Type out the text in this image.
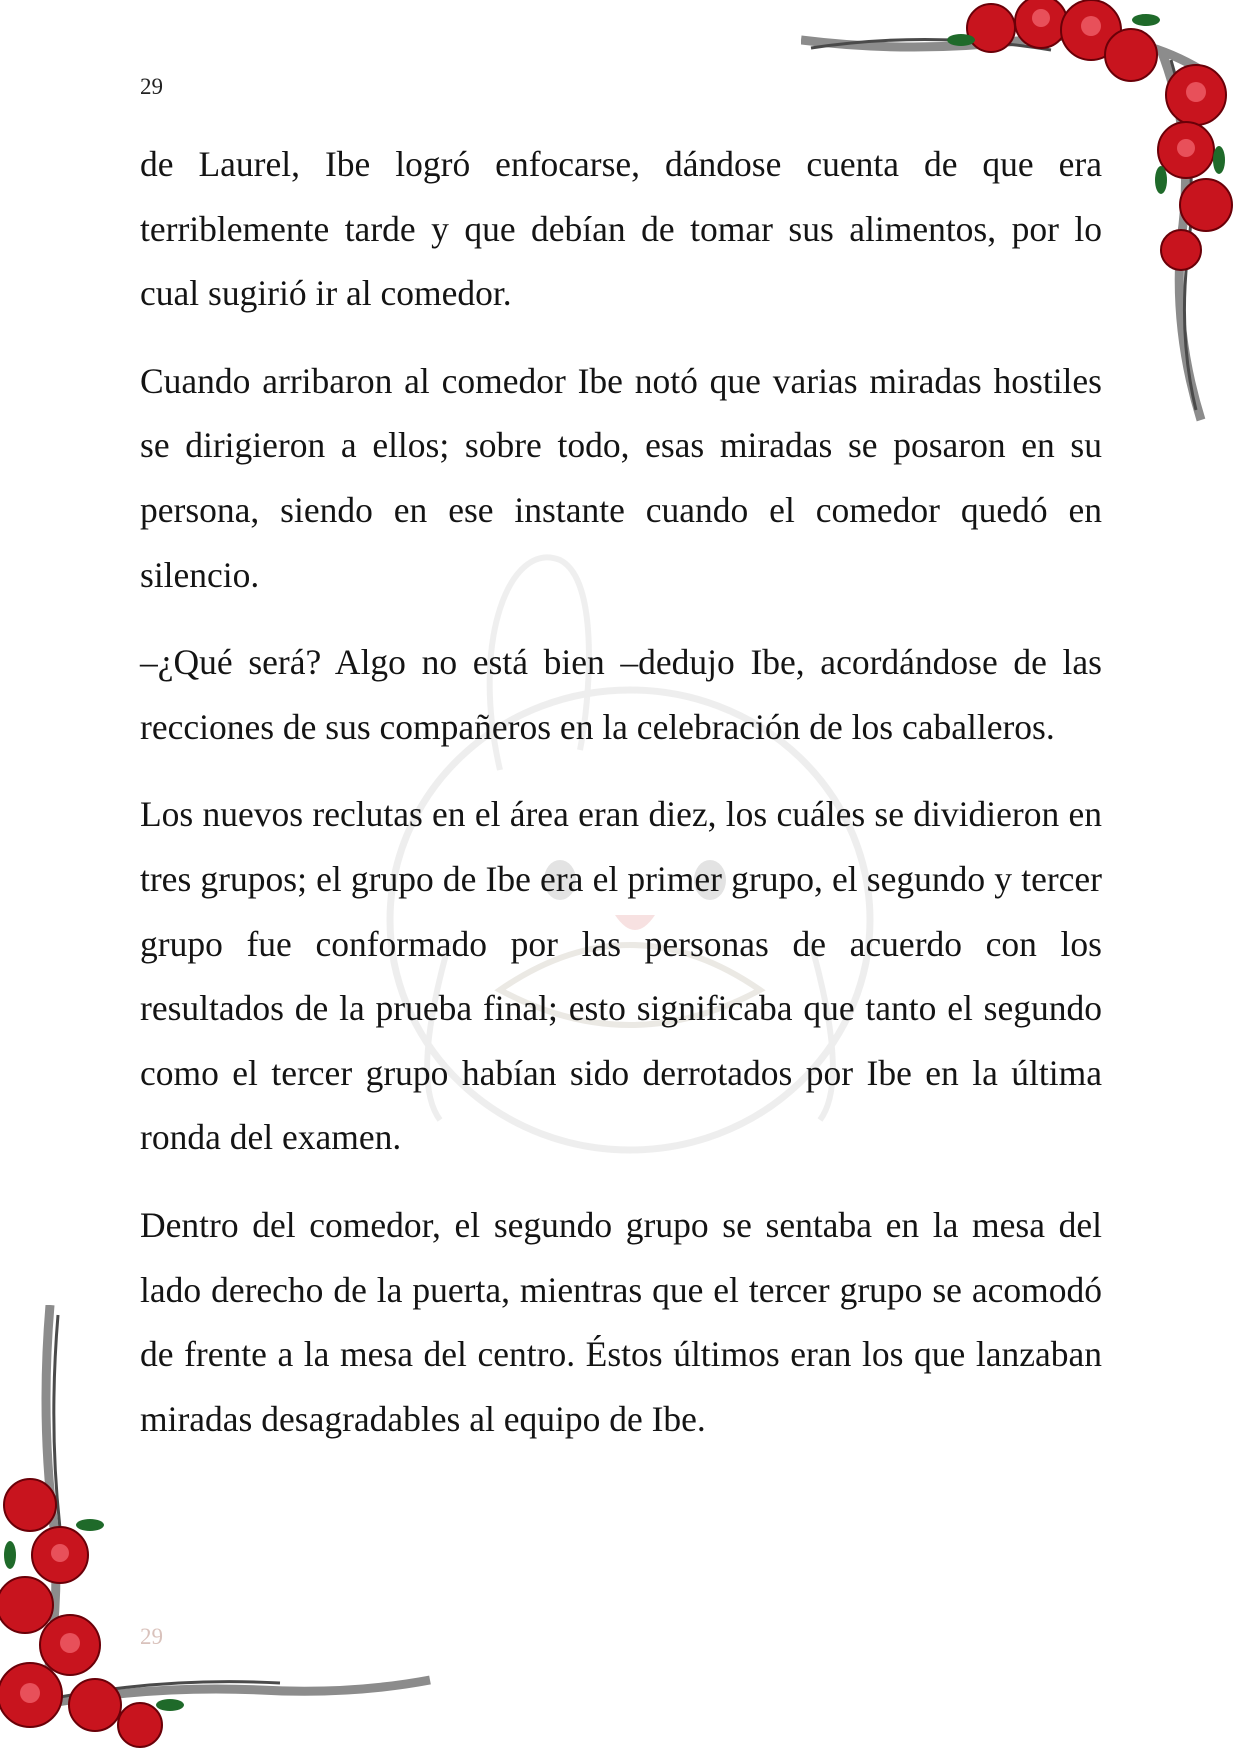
29

de Laurel, Ibe logró enfocarse, dándose cuenta de que era terriblemente tarde y que debían de tomar sus alimentos, por lo cual sugirió ir al comedor.

Cuando arribaron al comedor Ibe notó que varias miradas hostiles se dirigieron a ellos; sobre todo, esas miradas se posaron en su persona, siendo en ese instante cuando el comedor quedó en silencio.

–¿Qué será? Algo no está bien –dedujo Ibe, acordándose de las recciones de sus compañeros en la celebración de los caballeros.

Los nuevos reclutas en el área eran diez, los cuáles se dividieron en tres grupos; el grupo de Ibe era el primer grupo, el segundo y tercer grupo fue conformado por las personas de acuerdo con los resultados de la prueba final; esto significaba que tanto el segundo como el tercer grupo habían sido derrotados por Ibe en la última ronda del examen.

Dentro del comedor, el segundo grupo se sentaba en la mesa del lado derecho de la puerta, mientras que el tercer grupo se acomodó de frente a la mesa del centro. Éstos últimos eran los que lanzaban miradas desagradables al equipo de Ibe.

29
